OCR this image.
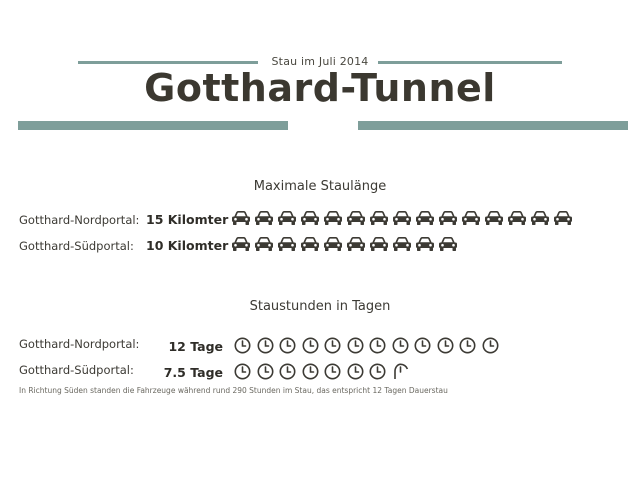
Stau im Juli 2014
Gotthard-Tunnel
Maximale Staulänge
Gotthard-Nordportal: 15 Kilomter
Gotthard-Südportal: 10 Kilomter
Staustunden in Tagen
Gotthard-Nordportal:	12 Tage
Gotthard-Südportal:	7.5 Tage
In Richtung Süden standen die Fahrzeuge während rund 290 Stunden im Stau, das entspricht 12 Tagen Dauerstau
